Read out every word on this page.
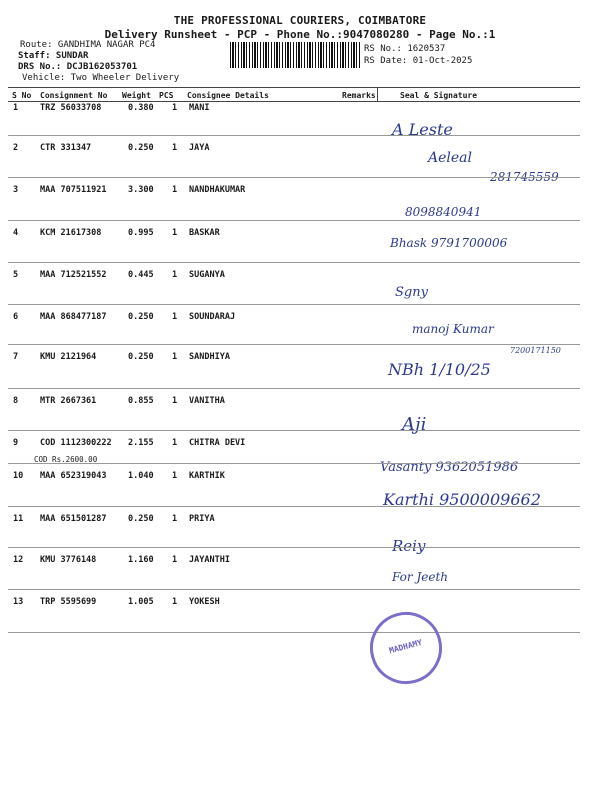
THE PROFESSIONAL COURIERS, COIMBATORE
Delivery Runsheet - PCP - Phone No.:9047080280 - Page No.:1
Route: GANDHIMA NAGAR PC4
Staff: SUNDAR
DRS No.: DCJB162053701
Vehicle: Two Wheeler Delivery
RS No.: 1620537
RS Date: 01-Oct-2025
S No Consignment No Weight PCS Consignee Details	Remarks	Seal & Signature
1	TRZ 56033708	0.380 1 MANI
A Leste
2	CTR 331347	0.250 1 JAYA
Aeleal
281745559
3	MAA 707511921	3.300 1 NANDHAKUMAR
8098840941
4	KCM 21617308	0.995 1 BASKAR
Bhask 9791700006
5	MAA 712521552	0.445 1 SUGANYA
Sgny
6	MAA 868477187	0.250 1 SOUNDARAJ
manoj Kumar
7	KMU 2121964	0.250 1 SANDHIYA
NBh 1/10/25
7200171150
8	MTR 2667361	0.855 1 VANITHA
Aji
9	COD 1112300222 2.155 1 CHITRA DEVI
COD Rs.2600.00
Vasanty 9362051986
10 MAA 652319043	1.040 1 KARTHIK
Karthi 9500009662
11 MAA 651501287	0.250 1 PRIYA
Reiy
12 KMU 3776148	1.160 1 JAYANTHI
For Jeeth
13 TRP 5595699	1.005 1 YOKESH
MADHAMY
